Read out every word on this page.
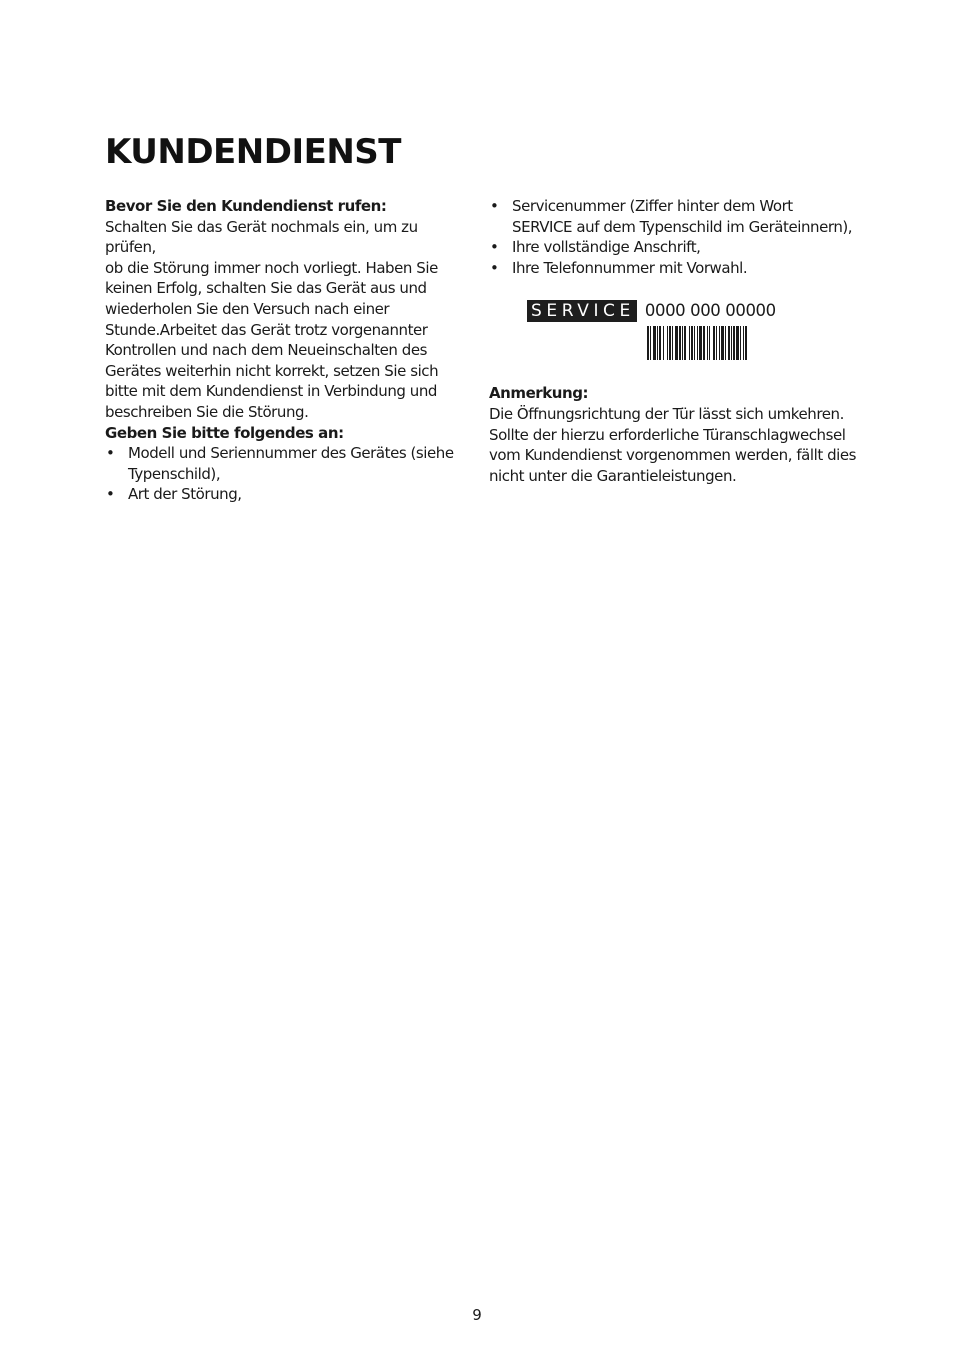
KUNDENDIENST

Bevor Sie den Kundendienst rufen:

Schalten Sie das Gerät nochmals ein, um zu prüfen,
ob die Störung immer noch vorliegt. Haben Sie
keinen Erfolg, schalten Sie das Gerät aus und
wiederholen Sie den Versuch nach einer
Stunde.Arbeitet das Gerät trotz vorgenannter
Kontrollen und nach dem Neueinschalten des
Gerätes weiterhin nicht korrekt, setzen Sie sich
bitte mit dem Kundendienst in Verbindung und
beschreiben Sie die Störung.

Geben Sie bitte folgendes an:

• Modell und Seriennummer des Gerätes (siehe
Typenschild),
• Art der Störung,
• Servicenummer (Ziffer hinter dem Wort
SERVICE auf dem Typenschild im Geräteinnern),
• Ihre vollständige Anschrift,
• Ihre Telefonnummer mit Vorwahl.
SERVICE 0000 000 00000

Anmerkung:

Die Öffnungsrichtung der Tür lässt sich umkehren.
Sollte der hierzu erforderliche Türanschlagwechsel
vom Kundendienst vorgenommen werden, fällt dies
nicht unter die Garantieleistungen.

9
